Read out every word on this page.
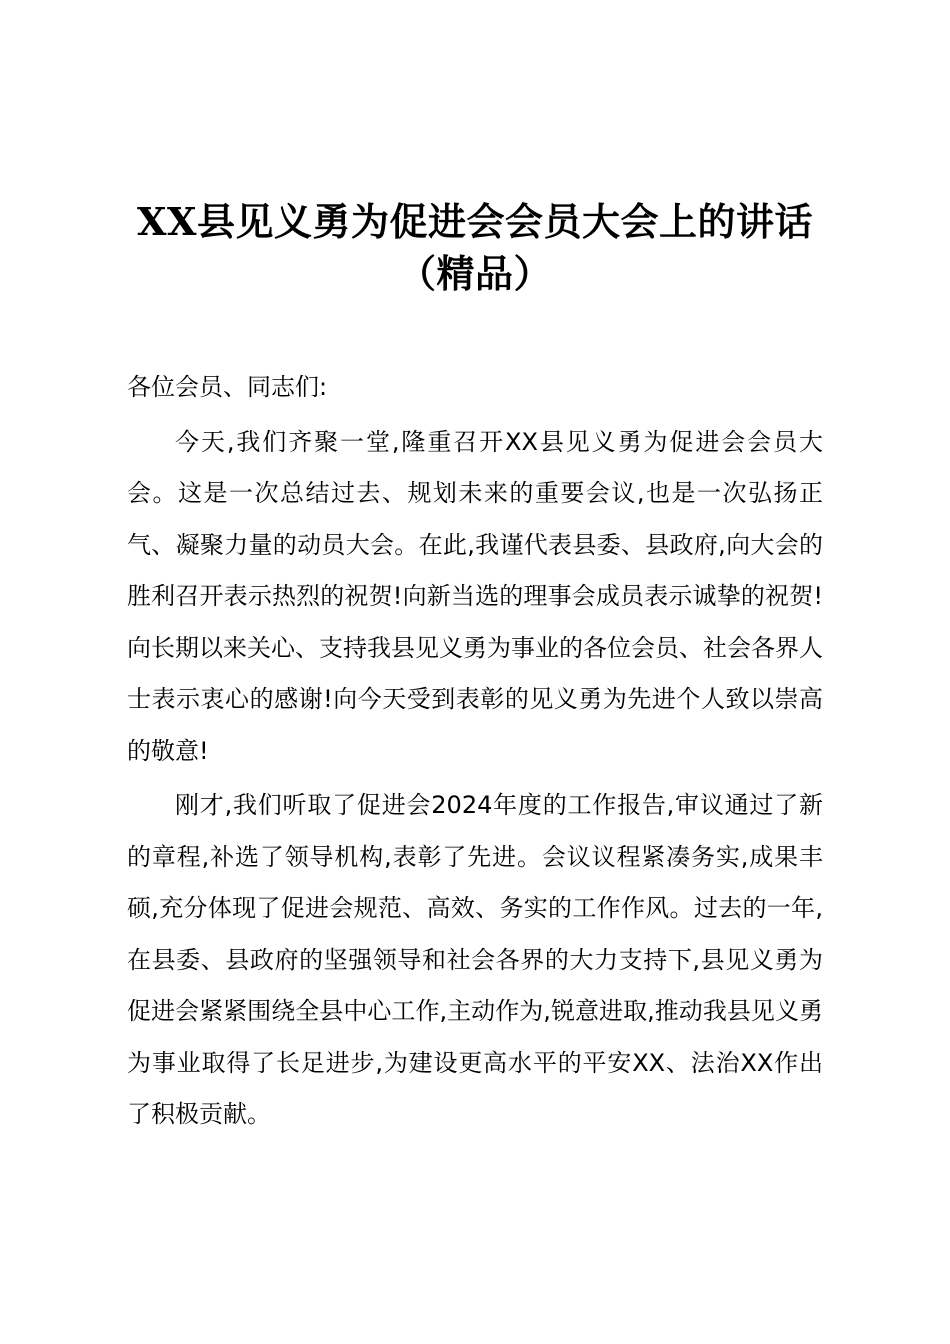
XX县见义勇为促进会会员大会上的讲话
（精品）

各位会员、同志们:

今天,我们齐聚一堂,隆重召开XX县见义勇为促进会会员大会。这是一次总结过去、规划未来的重要会议,也是一次弘扬正气、凝聚力量的动员大会。在此,我谨代表县委、县政府,向大会的胜利召开表示热烈的祝贺!向新当选的理事会成员表示诚挚的祝贺!向长期以来关心、支持我县见义勇为事业的各位会员、社会各界人士表示衷心的感谢!向今天受到表彰的见义勇为先进个人致以崇高的敬意!

刚才,我们听取了促进会2024年度的工作报告,审议通过了新的章程,补选了领导机构,表彰了先进。会议议程紧凑务实,成果丰硕,充分体现了促进会规范、高效、务实的工作作风。过去的一年,在县委、县政府的坚强领导和社会各界的大力支持下,县见义勇为促进会紧紧围绕全县中心工作,主动作为,锐意进取,推动我县见义勇为事业取得了长足进步,为建设更高水平的平安XX、法治XX作出了积极贡献。
